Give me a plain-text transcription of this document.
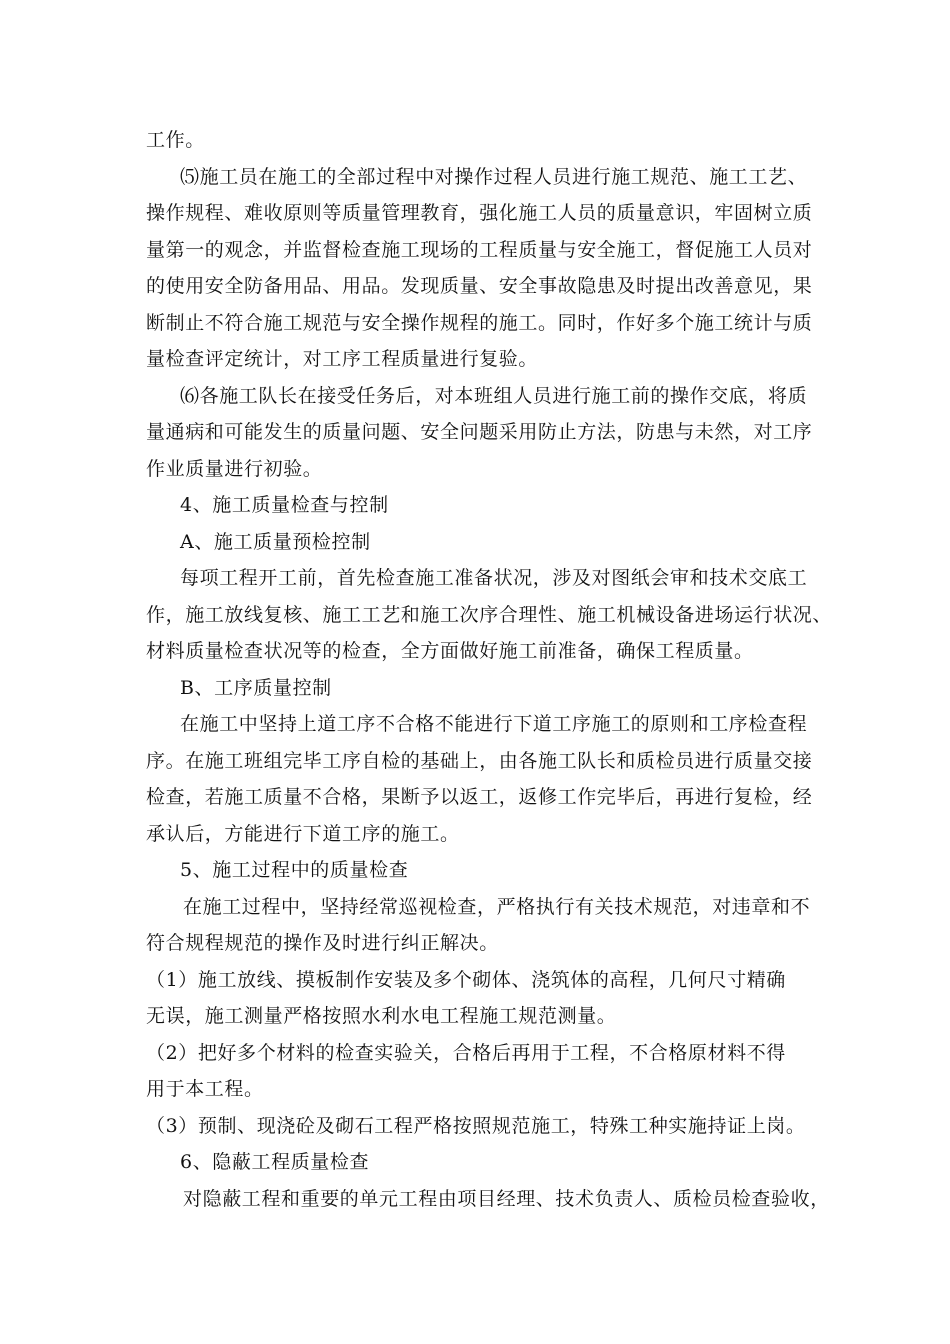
工作。
⑸施工员在施工的全部过程中对操作过程人员进行施工规范、施工工艺、
操作规程、难收原则等质量管理教育，强化施工人员的质量意识，牢固树立质
量第一的观念，并监督检查施工现场的工程质量与安全施工，督促施工人员对
的使用安全防备用品、用品。发现质量、安全事故隐患及时提出改善意见，果
断制止不符合施工规范与安全操作规程的施工。同时，作好多个施工统计与质
量检查评定统计，对工序工程质量进行复验。
⑹各施工队长在接受任务后，对本班组人员进行施工前的操作交底，将质
量通病和可能发生的质量问题、安全问题采用防止方法，防患与未然，对工序
作业质量进行初验。
4、施工质量检查与控制
A、施工质量预检控制
每项工程开工前，首先检查施工准备状况，涉及对图纸会审和技术交底工
作，施工放线复核、施工工艺和施工次序合理性、施工机械设备进场运行状况、
材料质量检查状况等的检查，全方面做好施工前准备，确保工程质量。
B、工序质量控制
在施工中坚持上道工序不合格不能进行下道工序施工的原则和工序检查程
序。在施工班组完毕工序自检的基础上，由各施工队长和质检员进行质量交接
检查，若施工质量不合格，果断予以返工，返修工作完毕后，再进行复检，经
承认后，方能进行下道工序的施工。
5、施工过程中的质量检查
在施工过程中，坚持经常巡视检查，严格执行有关技术规范，对违章和不
符合规程规范的操作及时进行纠正解决。
（1）施工放线、摸板制作安装及多个砌体、浇筑体的高程，几何尺寸精确
无误，施工测量严格按照水利水电工程施工规范测量。
（2）把好多个材料的检查实验关，合格后再用于工程，不合格原材料不得
用于本工程。
（3）预制、现浇砼及砌石工程严格按照规范施工，特殊工种实施持证上岗。
6、隐蔽工程质量检查
对隐蔽工程和重要的单元工程由项目经理、技术负责人、质检员检查验收，
